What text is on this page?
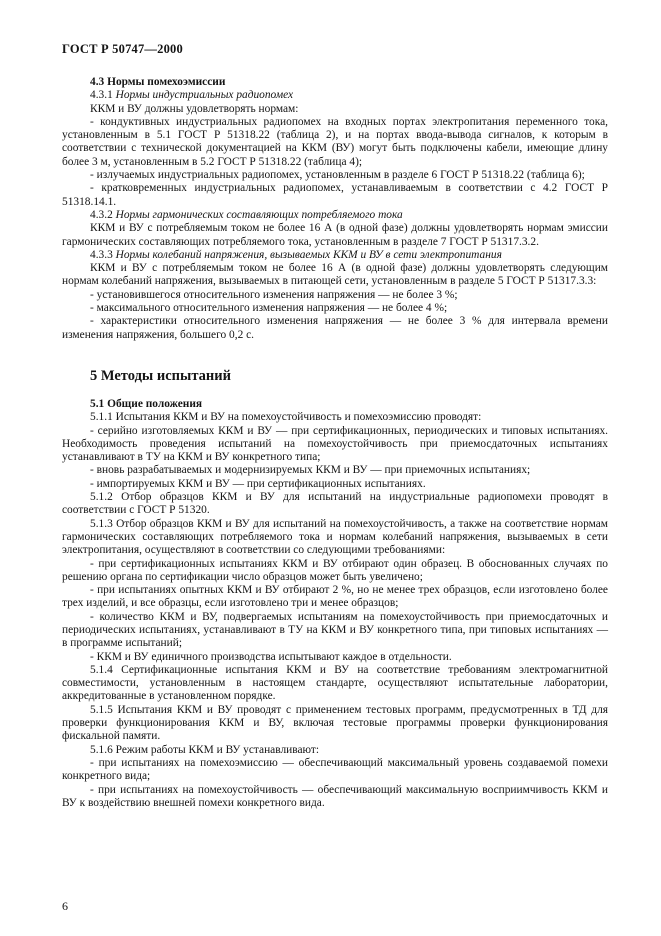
ГОСТ Р 50747—2000

4.3 Нормы помехоэмиссии

4.3.1 Нормы индустриальных радиопомех

ККМ и ВУ должны удовлетворять нормам:

- кондуктивных индустриальных радиопомех на входных портах электропитания переменного тока, установленным в 5.1 ГОСТ Р 51318.22 (таблица 2), и на портах ввода-вывода сигналов, к которым в соответствии с технической документацией на ККМ (ВУ) могут быть подключены кабели, имеющие длину более 3 м, установленным в 5.2 ГОСТ Р 51318.22 (таблица 4);

- излучаемых индустриальных радиопомех, установленным в разделе 6 ГОСТ Р 51318.22 (таблица 6);

- кратковременных индустриальных радиопомех, устанавливаемым в соответствии с 4.2 ГОСТ Р 51318.14.1.

4.3.2 Нормы гармонических составляющих потребляемого тока

ККМ и ВУ с потребляемым током не более 16 А (в одной фазе) должны удовлетворять нормам эмиссии гармонических составляющих потребляемого тока, установленным в разделе 7 ГОСТ Р 51317.3.2.

4.3.3 Нормы колебаний напряжения, вызываемых ККМ и ВУ в сети электропитания

ККМ и ВУ с потребляемым током не более 16 А (в одной фазе) должны удовлетворять следующим нормам колебаний напряжения, вызываемых в питающей сети, установленным в разделе 5 ГОСТ Р 51317.3.3:

- установившегося относительного изменения напряжения — не более 3 %;

- максимального относительного изменения напряжения — не более 4 %;

- характеристики относительного изменения напряжения — не более 3 % для интервала времени изменения напряжения, большего 0,2 с.

5 Методы испытаний

5.1 Общие положения

5.1.1 Испытания ККМ и ВУ на помехоустойчивость и помехоэмиссию проводят:

- серийно изготовляемых ККМ и ВУ — при сертификационных, периодических и типовых испытаниях. Необходимость проведения испытаний на помехоустойчивость при приемосдаточных испытаниях устанавливают в ТУ на ККМ и ВУ конкретного типа;

- вновь разрабатываемых и модернизируемых ККМ и ВУ — при приемочных испытаниях;

- импортируемых ККМ и ВУ — при сертификационных испытаниях.

5.1.2 Отбор образцов ККМ и ВУ для испытаний на индустриальные радиопомехи проводят в соответствии с ГОСТ Р 51320.

5.1.3 Отбор образцов ККМ и ВУ для испытаний на помехоустойчивость, а также на соответствие нормам гармонических составляющих потребляемого тока и нормам колебаний напряжения, вызываемых в сети электропитания, осуществляют в соответствии со следующими требованиями:

- при сертификационных испытаниях ККМ и ВУ отбирают один образец. В обоснованных случаях по решению органа по сертификации число образцов может быть увеличено;

- при испытаниях опытных ККМ и ВУ отбирают 2 %, но не менее трех образцов, если изготовлено более трех изделий, и все образцы, если изготовлено три и менее образцов;

- количество ККМ и ВУ, подвергаемых испытаниям на помехоустойчивость при приемосдаточных и периодических испытаниях, устанавливают в ТУ на ККМ и ВУ конкретного типа, при типовых испытаниях — в программе испытаний;

- ККМ и ВУ единичного производства испытывают каждое в отдельности.

5.1.4 Сертификационные испытания ККМ и ВУ на соответствие требованиям электромагнитной совместимости, установленным в настоящем стандарте, осуществляют испытательные лаборатории, аккредитованные в установленном порядке.

5.1.5 Испытания ККМ и ВУ проводят с применением тестовых программ, предусмотренных в ТД для проверки функционирования ККМ и ВУ, включая тестовые программы проверки функционирования фискальной памяти.

5.1.6 Режим работы ККМ и ВУ устанавливают:

- при испытаниях на помехоэмиссию — обеспечивающий максимальный уровень создаваемой помехи конкретного вида;

- при испытаниях на помехоустойчивость — обеспечивающий максимальную восприимчивость ККМ и ВУ к воздействию внешней помехи конкретного вида.

6
